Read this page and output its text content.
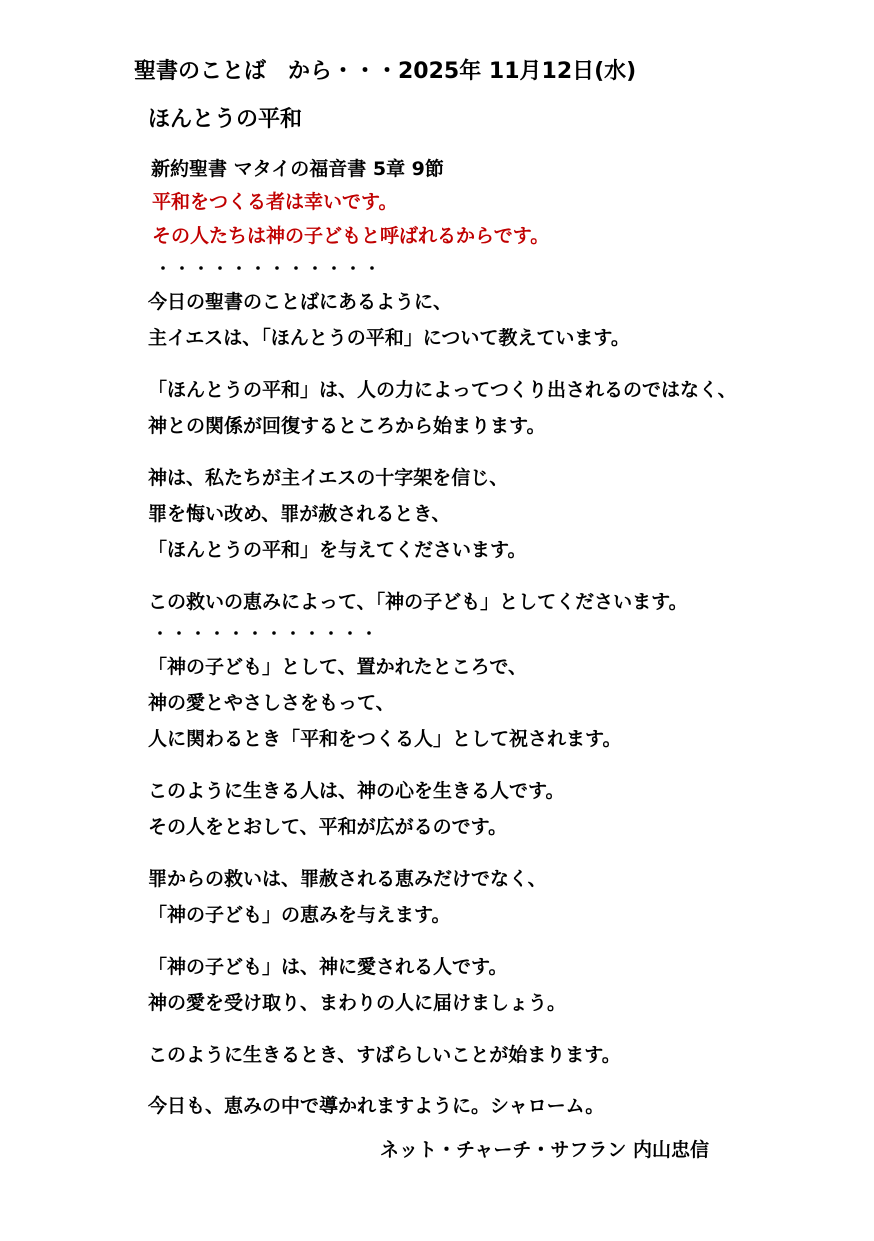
聖書のことば　から・・・2025年 11月12日(水)
ほんとうの平和
新約聖書 マタイの福音書 5章 9節
平和をつくる者は幸いです。
その人たちは神の子どもと呼ばれるからです。
・・・・・・・・・・・・
今日の聖書のことばにあるように、
主イエスは、「ほんとうの平和」について教えています。
「ほんとうの平和」は、人の力によってつくり出されるのではなく、
神との関係が回復するところから始まります。
神は、私たちが主イエスの十字架を信じ、
罪を悔い改め、罪が赦されるとき、
「ほんとうの平和」を与えてくださいます。
この救いの恵みによって、「神の子ども」としてくださいます。
・・・・・・・・・・・・
「神の子ども」として、置かれたところで、
神の愛とやさしさをもって、
人に関わるとき「平和をつくる人」として祝されます。
このように生きる人は、神の心を生きる人です。
その人をとおして、平和が広がるのです。
罪からの救いは、罪赦される恵みだけでなく、
「神の子ども」の恵みを与えます。
「神の子ども」は、神に愛される人です。
神の愛を受け取り、まわりの人に届けましょう。
このように生きるとき、すばらしいことが始まります。
今日も、恵みの中で導かれますように。シャローム。
ネット・チャーチ・サフラン 内山忠信
